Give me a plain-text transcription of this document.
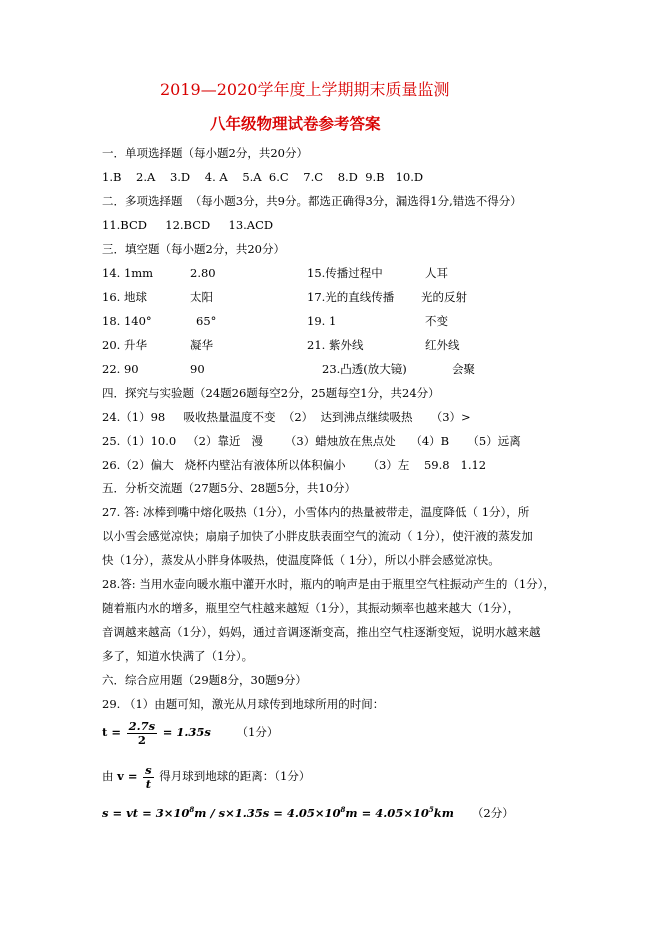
2019—2020学年度上学期期末质量监测
八年级物理试卷参考答案
一．单项选择题（每小题2分，共20分）
1.B    2.A    3.D    4. A    5.A  6.C    7.C    8.D  9.B   10.D
二．多项选择题  （每小题3分，共9分。都选正确得3分，漏选得1分,错选不得分）
11.BCD     12.BCD     13.ACD
三．填空题（每小题2分，共20分）
14. 1mm	2.80	15.传播过程中	人耳
16. 地球	太阳	17.光的直线传播 光的反射
18. 140°	65°	19. 1	不变
20. 升华	凝华	21. 紫外线	红外线
22. 90	90	23.凸透(放大镜)	会聚
四．探究与实验题（24题26题每空2分，25题每空1分，共24分）
24.（1）98     吸收热量温度不变  （2）  达到沸点继续吸热     （3）>
25.（1）10.0   （2）靠近   漫      （3）蜡烛放在焦点处    （4）B     （5）远离
26.（2）偏大   烧杯内壁沾有液体所以体积偏小      （3）左    59.8   1.12
五．分析交流题（27题5分、28题5分，共10分）
27. 答: 冰棒到嘴中熔化吸热（1分），小雪体内的热量被带走，温度降低（ 1分），所
以小雪会感觉凉快；扇扇子加快了小胖皮肤表面空气的流动（ 1分），使汗液的蒸发加
快（1分），蒸发从小胖身体吸热，使温度降低（ 1分），所以小胖会感觉凉快。
28.答: 当用水壶向暖水瓶中灌开水时，瓶内的响声是由于瓶里空气柱振动产生的（1分），
随着瓶内水的增多，瓶里空气柱越来越短（1分），其振动频率也越来越大（1分），
音调越来越高（1分），妈妈，通过音调逐渐变高，推出空气柱逐渐变短，说明水越来越
多了，知道水快满了（1分）。
六．综合应用题（29题8分，30题9分）
29. （1）由题可知，激光从月球传到地球所用的时间：
$t = \frac{2.7s}{2} = 1.35s$ （1分）
由 $v = \frac{s}{t}$ 得月球到地球的距离：（1分）
s = vt = $3\times 10^8m / s\times 1.35s = 4.05\times 10^8m = 4.05\times 10^5km$ （2分）
